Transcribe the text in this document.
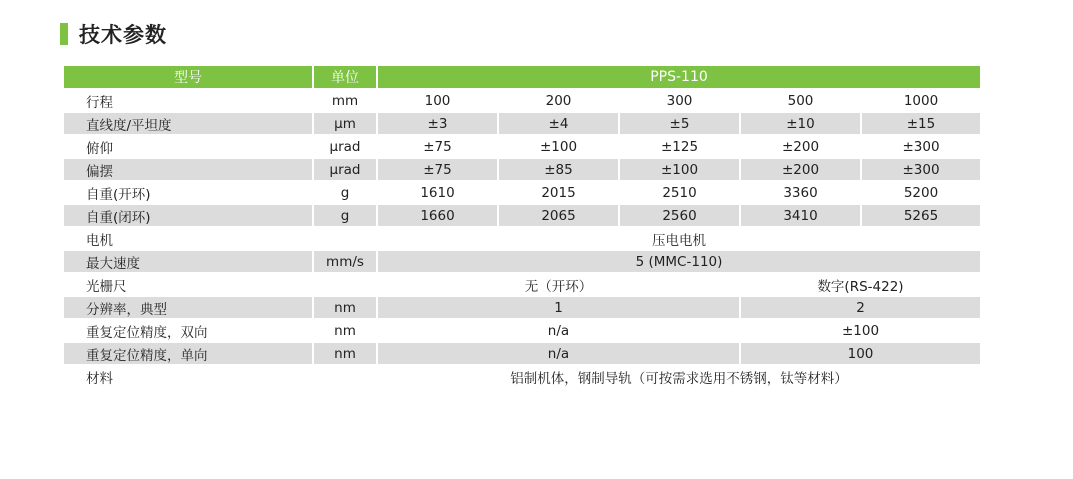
技术参数
型号	单位	PPS-110				
行程	mm	100	200	300	500	1000
直线度/平坦度	μm	±3	±4	±5	±10	±15
俯仰	μrad	±75	±100	±125	±200	±300
偏摆	μrad	±75	±85	±100	±200	±300
自重(开环)	g	1610	2015	2510	3360	5200
自重(闭环)	g	1660	2065	2560	3410	5265
电机		压电电机				
最大速度	mm/s	5 (MMC-110)				
光栅尺		无（开环）			数字(RS-422)	
分辨率，典型	nm	1			2	
重复定位精度，双向	nm	n/a			±100	
重复定位精度，单向	nm	n/a			100	
材料		铝制机体，钢制导轨（可按需求选用不锈钢，钛等材料）				
